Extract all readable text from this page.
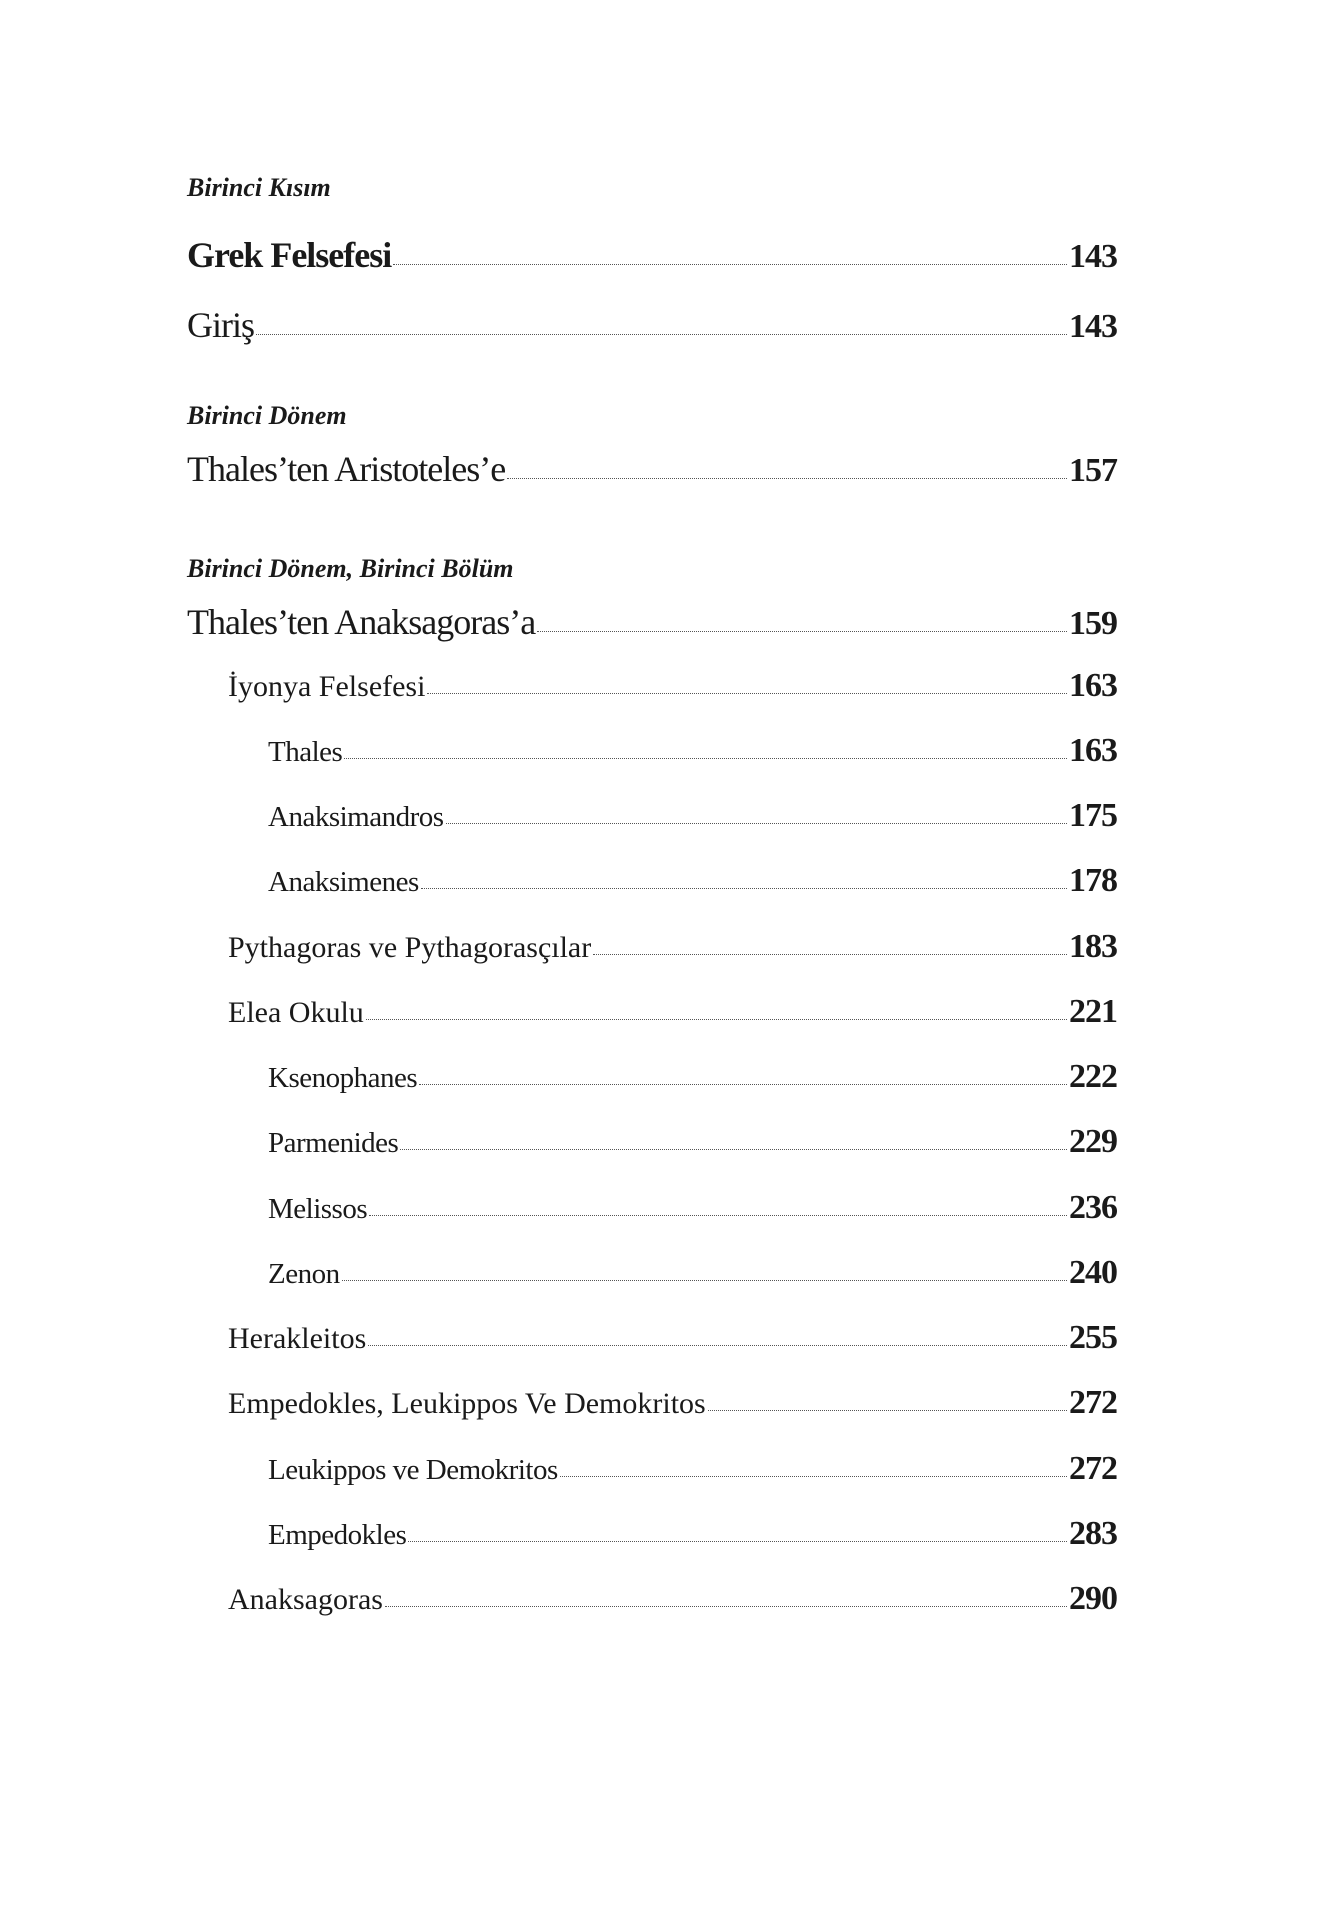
Birinci Kısım
Grek Felsefesi	143
Giriş	143
Birinci Dönem
Thales’ten Aristoteles’e	157
Birinci Dönem, Birinci Bölüm
Thales’ten Anaksagoras’a	159
İyonya Felsefesi	163
Thales	163
Anaksimandros	175
Anaksimenes	178
Pythagoras ve Pythagorasçılar	183
Elea Okulu	221
Ksenophanes	222
Parmenides	229
Melissos	236
Zenon	240
Herakleitos	255
Empedokles, Leukippos Ve Demokritos	272
Leukippos ve Demokritos	272
Empedokles	283
Anaksagoras	290
